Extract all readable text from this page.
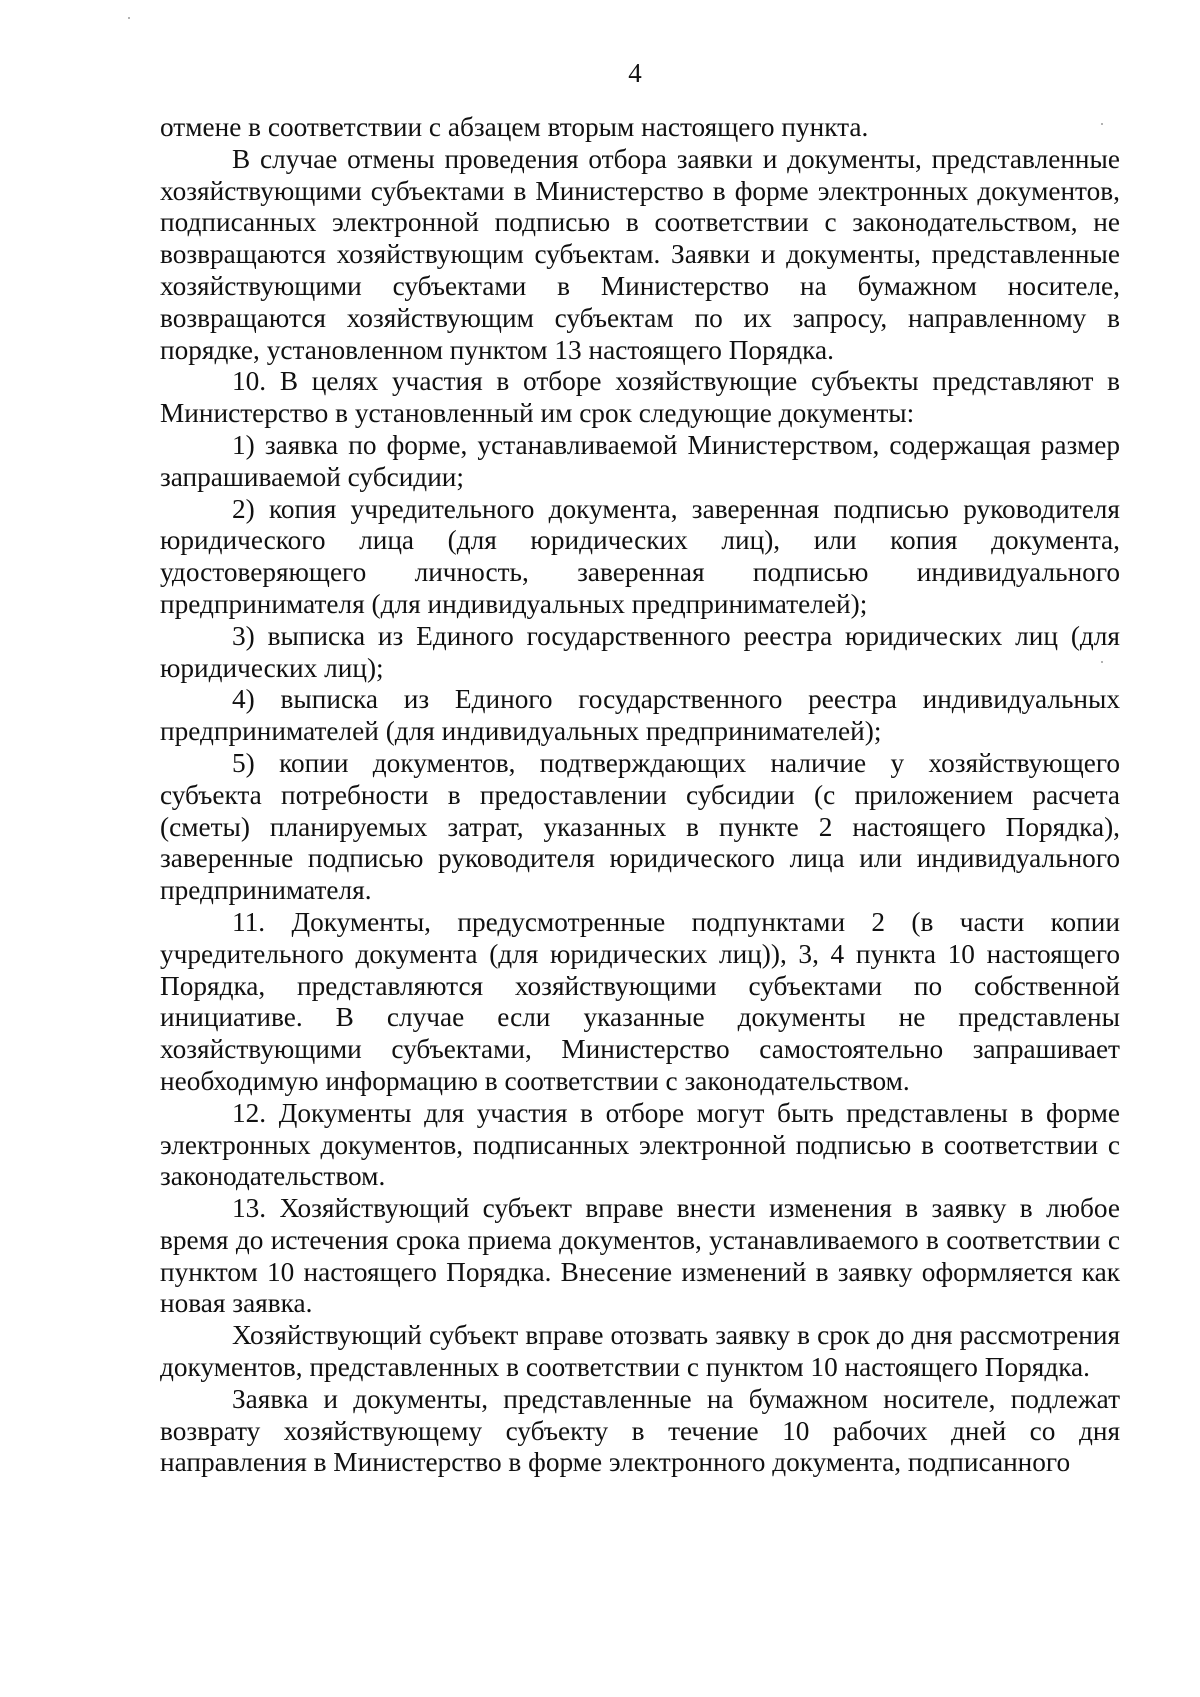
4

отмене в соответствии с абзацем вторым настоящего пункта.

В случае отмены проведения отбора заявки и документы, представленные хозяйствующими субъектами в Министерство в форме электронных документов, подписанных электронной подписью в соответствии с законодательством, не возвращаются хозяйствующим субъектам. Заявки и документы, представленные хозяйствующими субъектами в Министерство на бумажном носителе, возвращаются хозяйствующим субъектам по их запросу, направленному в порядке, установленном пунктом 13 настоящего Порядка.

10. В целях участия в отборе хозяйствующие субъекты представляют в Министерство в установленный им срок следующие документы:

1) заявка по форме, устанавливаемой Министерством, содержащая размер запрашиваемой субсидии;

2) копия учредительного документа, заверенная подписью руководителя юридического лица (для юридических лиц), или копия документа, удостоверяющего личность, заверенная подписью индивидуального предпринимателя (для индивидуальных предпринимателей);

3) выписка из Единого государственного реестра юридических лиц (для юридических лиц);

4) выписка из Единого государственного реестра индивидуальных предпринимателей (для индивидуальных предпринимателей);

5) копии документов, подтверждающих наличие у хозяйствующего субъекта потребности в предоставлении субсидии (с приложением расчета (сметы) планируемых затрат, указанных в пункте 2 настоящего Порядка), заверенные подписью руководителя юридического лица или индивидуального предпринимателя.

11. Документы, предусмотренные подпунктами 2 (в части копии учредительного документа (для юридических лиц)), 3, 4 пункта 10 настоящего Порядка, представляются хозяйствующими субъектами по собственной инициативе. В случае если указанные документы не представлены хозяйствующими субъектами, Министерство самостоятельно запрашивает необходимую информацию в соответствии с законодательством.

12. Документы для участия в отборе могут быть представлены в форме электронных документов, подписанных электронной подписью в соответствии с законодательством.

13. Хозяйствующий субъект вправе внести изменения в заявку в любое время до истечения срока приема документов, устанавливаемого в соответствии с пунктом 10 настоящего Порядка. Внесение изменений в заявку оформляется как новая заявка.

Хозяйствующий субъект вправе отозвать заявку в срок до дня рассмотрения документов, представленных в соответствии с пунктом 10 настоящего Порядка.

Заявка и документы, представленные на бумажном носителе, подлежат возврату хозяйствующему субъекту в течение 10 рабочих дней со дня направления в Министерство в форме электронного документа, подписанного
